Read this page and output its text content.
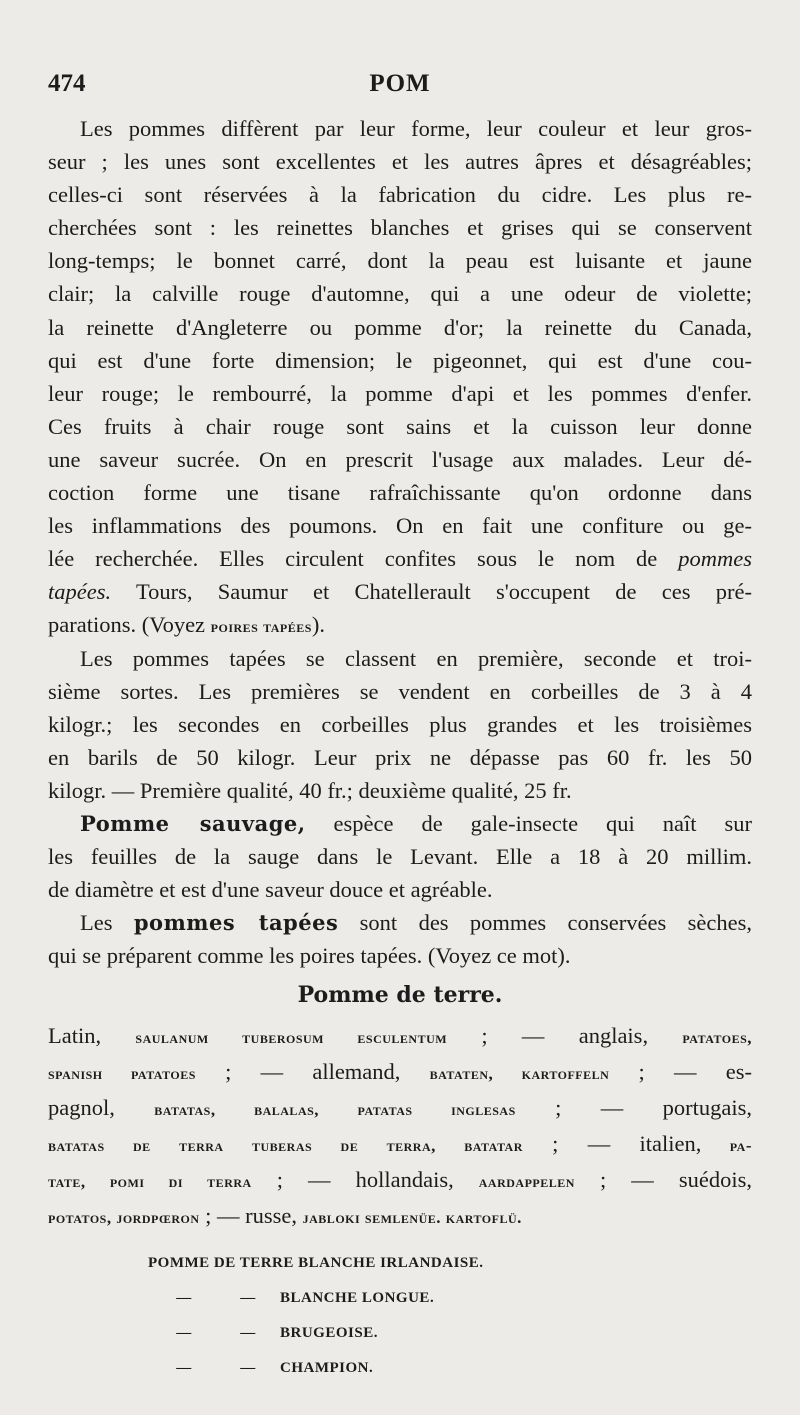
474	POM
Les pommes diffèrent par leur forme, leur couleur et leur gros-
seur ; les unes sont excellentes et les autres âpres et désagréables;
celles-ci sont réservées à la fabrication du cidre. Les plus re-
cherchées sont : les reinettes blanches et grises qui se conservent
long-temps; le bonnet carré, dont la peau est luisante et jaune
clair; la calville rouge d'automne, qui a une odeur de violette;
la reinette d'Angleterre ou pomme d'or; la reinette du Canada,
qui est d'une forte dimension; le pigeonnet, qui est d'une cou-
leur rouge; le rembourré, la pomme d'api et les pommes d'enfer.
Ces fruits à chair rouge sont sains et la cuisson leur donne
une saveur sucrée. On en prescrit l'usage aux malades. Leur dé-
coction forme une tisane rafraîchissante qu'on ordonne dans
les inflammations des poumons. On en fait une confiture ou ge-
lée recherchée. Elles circulent confites sous le nom de pommes
tapées. Tours, Saumur et Chatellerault s'occupent de ces pré-
parations. (Voyez poires tapées).
Les pommes tapées se classent en première, seconde et troi-
sième sortes. Les premières se vendent en corbeilles de 3 à 4
kilogr.; les secondes en corbeilles plus grandes et les troisièmes
en barils de 50 kilogr. Leur prix ne dépasse pas 60 fr. les 50
kilogr. — Première qualité, 40 fr.; deuxième qualité, 25 fr.
Pomme sauvage, espèce de gale-insecte qui naît sur
les feuilles de la sauge dans le Levant. Elle a 18 à 20 millim.
de diamètre et est d'une saveur douce et agréable.
Les pommes tapées sont des pommes conservées sèches,
qui se préparent comme les poires tapées. (Voyez ce mot).
Pomme de terre.
Latin, saulanum tuberosum esculentum ; — anglais, patatoes,
spanish patatoes ; — allemand, bataten, kartoffeln ; — es-
pagnol, batatas, balalas, patatas inglesas ; — portugais,
batatas de terra tuberas de terra, batatar ; — italien, pa-
tate, pomi di terra ; — hollandais, aardappelen ; — suédois,
potatos, jordpœron ; — russe, jabloki semlenüe. kartoflü.
POMME DE TERRE BLANCHE IRLANDAISE.
—	— BLANCHE LONGUE.
—	— BRUGEOISE.
—	— CHAMPION.
